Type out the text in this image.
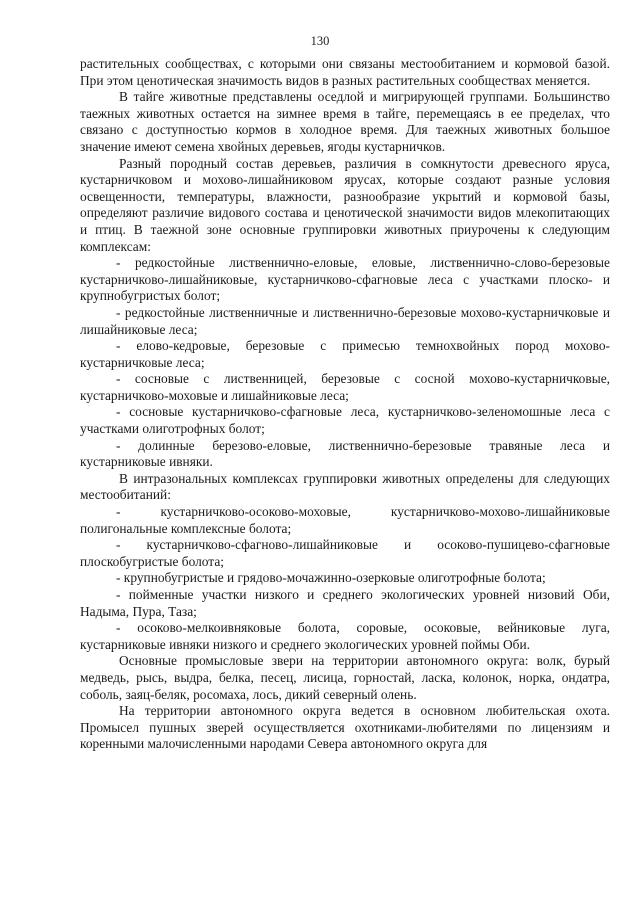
130

растительных сообществах, с которыми они связаны местообитанием и кормовой базой. При этом ценотическая значимость видов в разных растительных сообществах меняется.

В тайге животные представлены оседлой и мигрирующей группами. Большинство таежных животных остается на зимнее время в тайге, перемещаясь в ее пределах, что связано с доступностью кормов в холодное время. Для таежных животных большое значение имеют семена хвойных деревьев, ягоды кустарничков.

Разный породный состав деревьев, различия в сомкнутости древесного яруса, кустарничковом и мохово-лишайниковом ярусах, которые создают разные условия освещенности, температуры, влажности, разнообразие укрытий и кормовой базы, определяют различие видового состава и ценотической значимости видов млекопитающих и птиц. В таежной зоне основные группировки животных приурочены к следующим комплексам:

- редкостойные лиственнично-еловые, еловые, лиственнично-слово-березовые кустарничково-лишайниковые, кустарничково-сфагновые леса с участками плоско- и крупнобугристых болот;

- редкостойные лиственничные и лиственнично-березовые мохово-кустарничковые и лишайниковые леса;

- елово-кедровые, березовые с примесью темнохвойных пород мохово-кустарничковые леса;

- сосновые с лиственницей, березовые с сосной мохово-кустарничковые, кустарничково-моховые и лишайниковые леса;

- сосновые кустарничково-сфагновые леса, кустарничково-зеленомошные леса с участками олиготрофных болот;

- долинные березово-еловые, лиственнично-березовые травяные леса и кустарниковые ивняки.

В интразональных комплексах группировки животных определены для следующих местообитаний:

- кустарничково-осоково-моховые, кустарничково-мохово-лишайниковые полигональные комплексные болота;

- кустарничково-сфагново-лишайниковые и осоково-пушицево-сфагновые плоскобугристые болота;

- крупнобугристые и грядово-мочажинно-озерковые олиготрофные болота;

- пойменные участки низкого и среднего экологических уровней низовий Оби, Надыма, Пура, Таза;

- осоково-мелкоивняковые болота, соровые, осоковые, вейниковые луга, кустарниковые ивняки низкого и среднего экологических уровней поймы Оби.

Основные промысловые звери на территории автономного округа: волк, бурый медведь, рысь, выдра, белка, песец, лисица, горностай, ласка, колонок, норка, ондатра, соболь, заяц-беляк, росомаха, лось, дикий северный олень.

На территории автономного округа ведется в основном любительская охота. Промысел пушных зверей осуществляется охотниками-любителями по лицензиям и коренными малочисленными народами Севера автономного округа для
